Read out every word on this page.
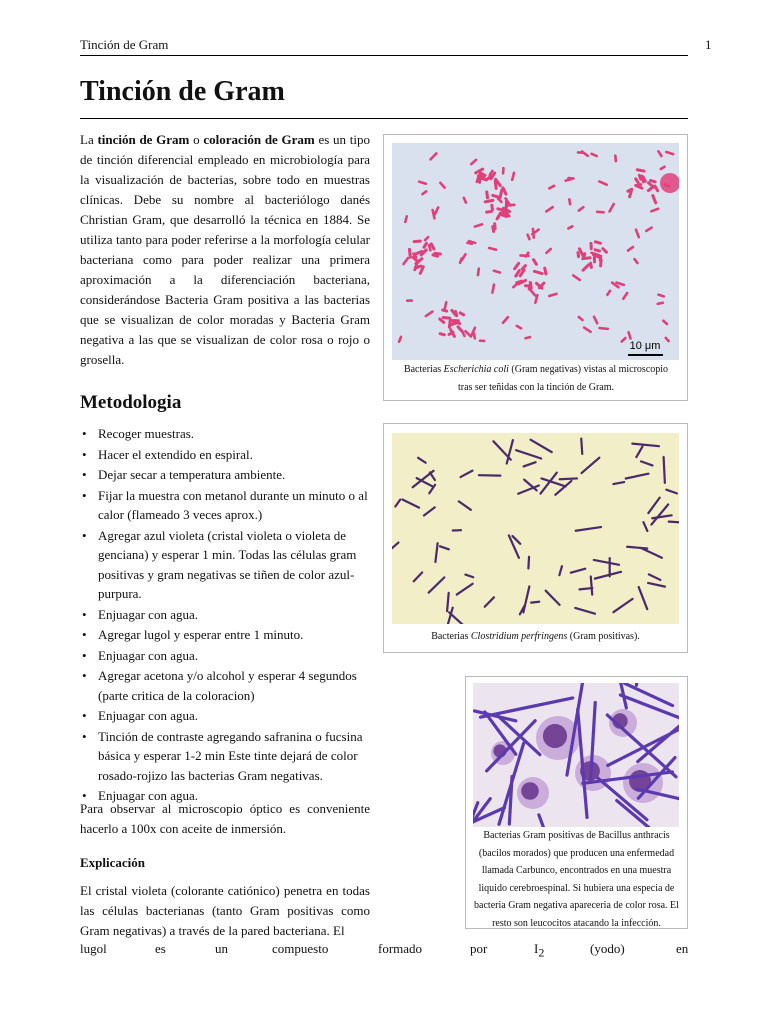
Tinción de Gram	1
Tinción de Gram
La tinción de Gram o coloración de Gram es un tipo
de tinción diferencial empleado en microbiología para
la visualización de bacterias, sobre todo en muestras
clínicas. Debe su nombre al bacteriólogo danés
Christian Gram, que desarrolló la técnica en 1884. Se
utiliza tanto para poder referirse a la morfología celular
bacteriana como para poder realizar una primera
aproximación a la diferenciación bacteriana,
considerándose Bacteria Gram positiva a las bacterias
que se visualizan de color moradas y Bacteria Gram
negativa a las que se visualizan de color rosa o rojo o
grosella.
Metodologia
• Recoger muestras.
• Hacer el extendido en espiral.
• Dejar secar a temperatura ambiente.
• Fijar la muestra con metanol durante un minuto o al calor (flameado 3 veces aprox.)
• Agregar azul violeta (cristal violeta o violeta de genciana) y esperar 1 min. Todas las células gram positivas y gram negativas se tiñen de color azul-purpura.
• Enjuagar con agua.
• Agregar lugol y esperar entre 1 minuto.
• Enjuagar con agua.
• Agregar acetona y/o alcohol y esperar 4 segundos (parte critica de la coloracion)
• Enjuagar con agua.
• Tinción de contraste agregando safranina o fucsina básica y esperar 1-2 min Este tinte dejará de color rosado-rojizo las bacterias Gram negativas.
• Enjuagar con agua.
Para observar al microscopio óptico es conveniente
hacerlo a 100x con aceite de inmersión.
Explicación
El cristal violeta (colorante catiónico) penetra en todas
las células bacterianas (tanto Gram positivas como
Gram negativas) a través de la pared bacteriana. El
lugol	es	un	compuesto	formado	por	$I_2$	(yodo)	en
10 μm
Bacterias Escherichia coli (Gram negativas) vistas al microscopio tras ser teñidas con la tinción de Gram.
Bacterias Clostridium perfringens (Gram positivas).
Bacterias Gram positivas de Bacillus anthracis (bacilos morados) que producen una enfermedad llamada Carbunco, encontrados en una muestra liquido cerebroespinal. Si hubiera una especia de bacteria Gram negativa apareceria de color rosa. El resto son leucocitos atacando la infección.
